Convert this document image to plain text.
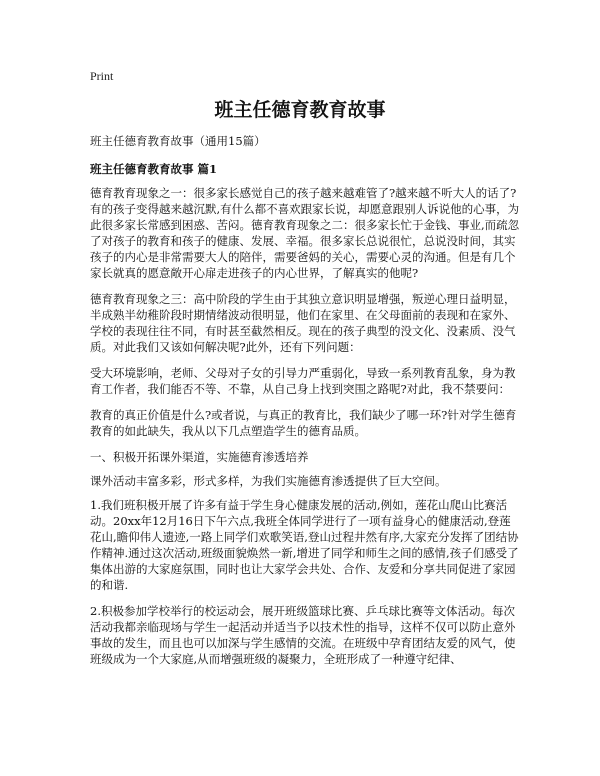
Print
班主任德育教育故事

班主任德育教育故事（通用15篇）

班主任德育教育故事 篇1

德育教育现象之一：很多家长感觉自己的孩子越来越难管了?越来越不听大人的话了?有的孩子变得越来越沉默,有什么都不喜欢跟家长说，却愿意跟别人诉说他的心事，为此很多家长常感到困惑、苦闷。德育教育现象之二：很多家长忙于金钱、事业,而疏忽了对孩子的教育和孩子的健康、发展、幸福。很多家长总说很忙，总说没时间，其实孩子的内心是非常需要大人的陪伴，需要爸妈的关心，需要心灵的沟通。但是有几个家长就真的愿意敞开心扉走进孩子的内心世界，了解真实的他呢?

德育教育现象之三：高中阶段的学生由于其独立意识明显增强，叛逆心理日益明显，半成熟半幼稚阶段时期情绪波动很明显，他们在家里、在父母面前的表现和在家外、学校的表现往往不同，有时甚至截然相反。现在的孩子典型的没文化、没素质、没气质。对此我们又该如何解决呢?此外，还有下列问题：

受大环境影响，老师、父母对子女的引导力严重弱化，导致一系列教育乱象，身为教育工作者，我们能否不等、不靠，从自己身上找到突围之路呢?对此，我不禁要问：

教育的真正价值是什么?或者说，与真正的教育比，我们缺少了哪一环?针对学生德育教育的如此缺失，我从以下几点塑造学生的德育品质。

一、积极开拓课外渠道，实施德育渗透培养

课外活动丰富多彩，形式多样，为我们实施德育渗透提供了巨大空间。

1.我们班积极开展了许多有益于学生身心健康发展的活动,例如，莲花山爬山比赛活动。20xx年12月16日下午六点,我班全体同学进行了一项有益身心的健康活动,登莲花山,瞻仰伟人遗迹,一路上同学们欢歌笑语,登山过程井然有序,大家充分发挥了团结协作精神.通过这次活动,班级面貌焕然一新,增进了同学和师生之间的感情,孩子们感受了集体出游的大家庭氛围，同时也让大家学会共处、合作、友爱和分享共同促进了家园的和谐.

2.积极参加学校举行的校运动会，展开班级篮球比赛、乒乓球比赛等文体活动。每次活动我都亲临现场与学生一起活动并适当予以技术性的指导，这样不仅可以防止意外事故的发生，而且也可以加深与学生感情的交流。在班级中孕育团结友爱的风气，使班级成为一个大家庭,从而增强班级的凝聚力，全班形成了一种遵守纪律、
